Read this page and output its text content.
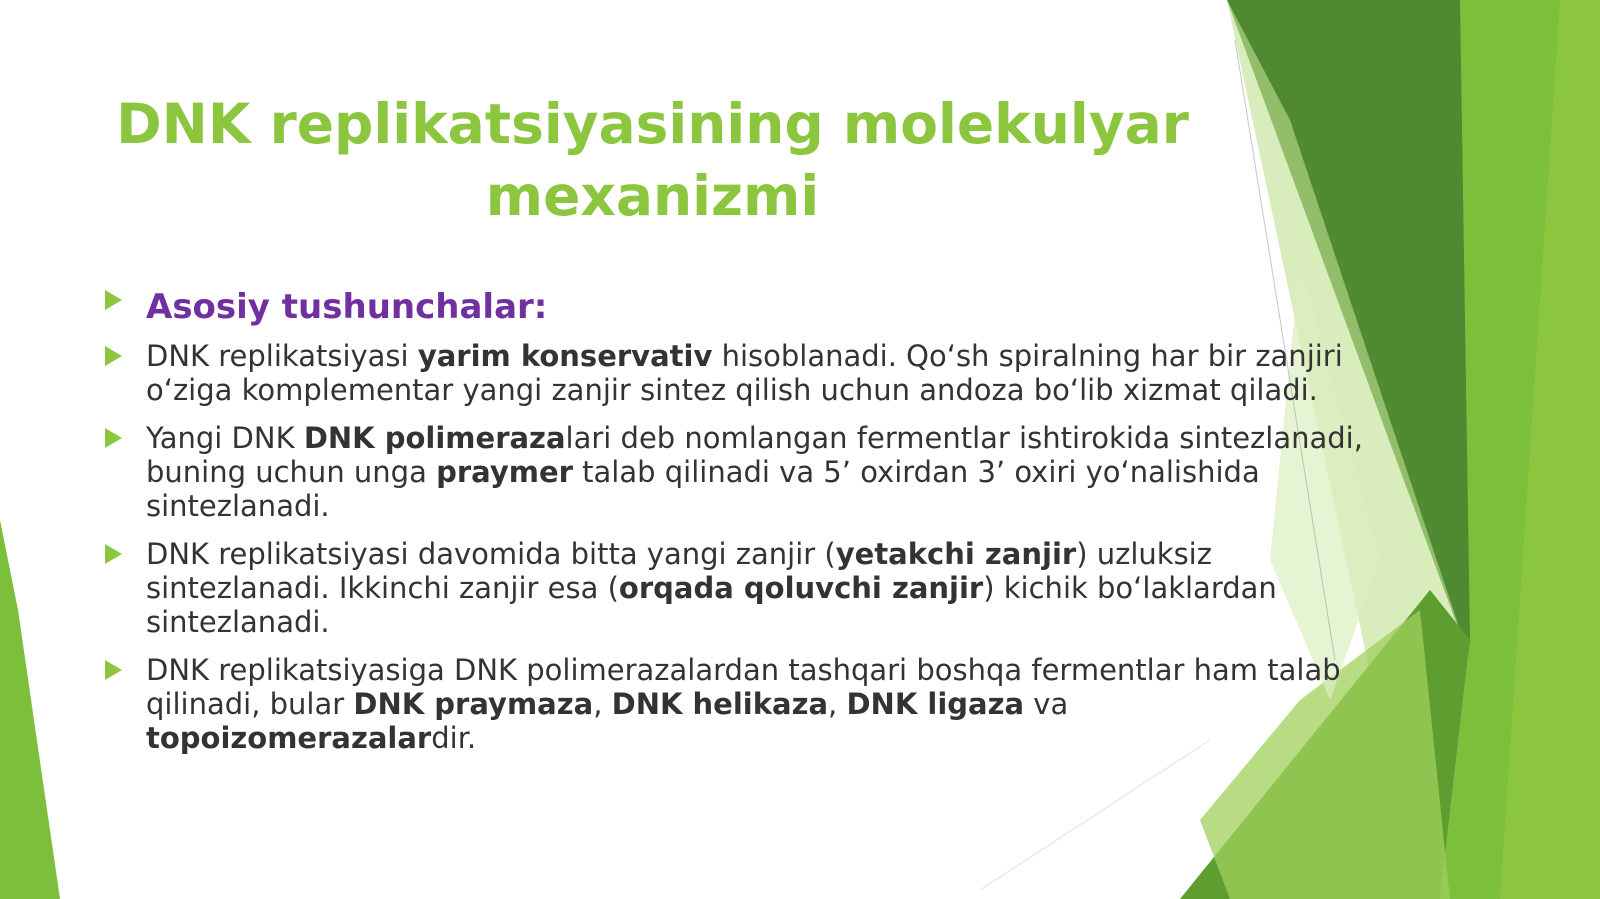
DNK replikatsiyasining molekulyar
mexanizmi
Asosiy tushunchalar:
DNK replikatsiyasi yarim konservativ hisoblanadi. Qo‘sh spiralning har bir zanjiri o‘ziga komplementar yangi zanjir sintez qilish uchun andoza bo‘lib xizmat qiladi.
Yangi DNK DNK polimerazalari deb nomlangan fermentlar ishtirokida sintezlanadi, buning uchun unga praymer talab qilinadi va 5’ oxirdan 3’ oxiri yo‘nalishida sintezlanadi.
DNK replikatsiyasi davomida bitta yangi zanjir (yetakchi zanjir) uzluksiz sintezlanadi. Ikkinchi zanjir esa (orqada qoluvchi zanjir) kichik bo‘laklardan sintezlanadi.
DNK replikatsiyasiga DNK polimerazalardan tashqari boshqa fermentlar ham talab qilinadi, bular DNK praymaza, DNK helikaza, DNK ligaza va topoizomerazalardir.
